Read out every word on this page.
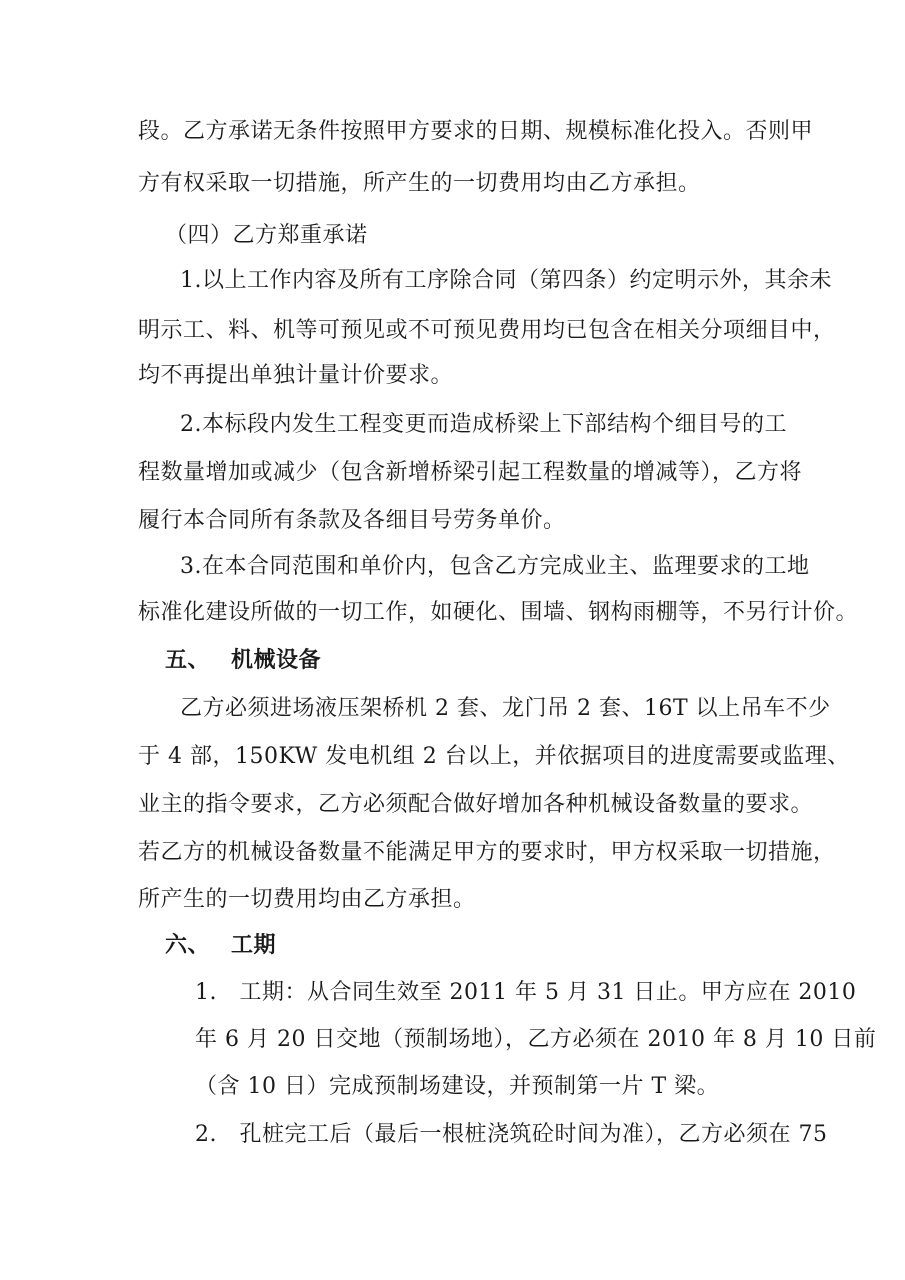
段。乙方承诺无条件按照甲方要求的日期、规模标准化投入。否则甲
方有权采取一切措施，所产生的一切费用均由乙方承担。
（四）乙方郑重承诺
1.以上工作内容及所有工序除合同（第四条）约定明示外，其余未
明示工、料、机等可预见或不可预见费用均已包含在相关分项细目中，
均不再提出单独计量计价要求。
2.本标段内发生工程变更而造成桥梁上下部结构个细目号的工
程数量增加或减少（包含新增桥梁引起工程数量的增减等），乙方将
履行本合同所有条款及各细目号劳务单价。
3.在本合同范围和单价内，包含乙方完成业主、监理要求的工地
标准化建设所做的一切工作，如硬化、围墙、钢构雨棚等，不另行计价。
五、 机械设备
乙方必须进场液压架桥机 2 套、龙门吊 2 套、16T 以上吊车不少
于 4 部，150KW 发电机组 2 台以上，并依据项目的进度需要或监理、
业主的指令要求，乙方必须配合做好增加各种机械设备数量的要求。
若乙方的机械设备数量不能满足甲方的要求时，甲方权采取一切措施，
所产生的一切费用均由乙方承担。
六、 工期
1.　工期：从合同生效至 2011 年 5 月 31 日止。甲方应在 2010
年 6 月 20 日交地（预制场地），乙方必须在 2010 年 8 月 10 日前
（含 10 日）完成预制场建设，并预制第一片 T 梁。
2.　孔桩完工后（最后一根桩浇筑砼时间为准），乙方必须在 75
